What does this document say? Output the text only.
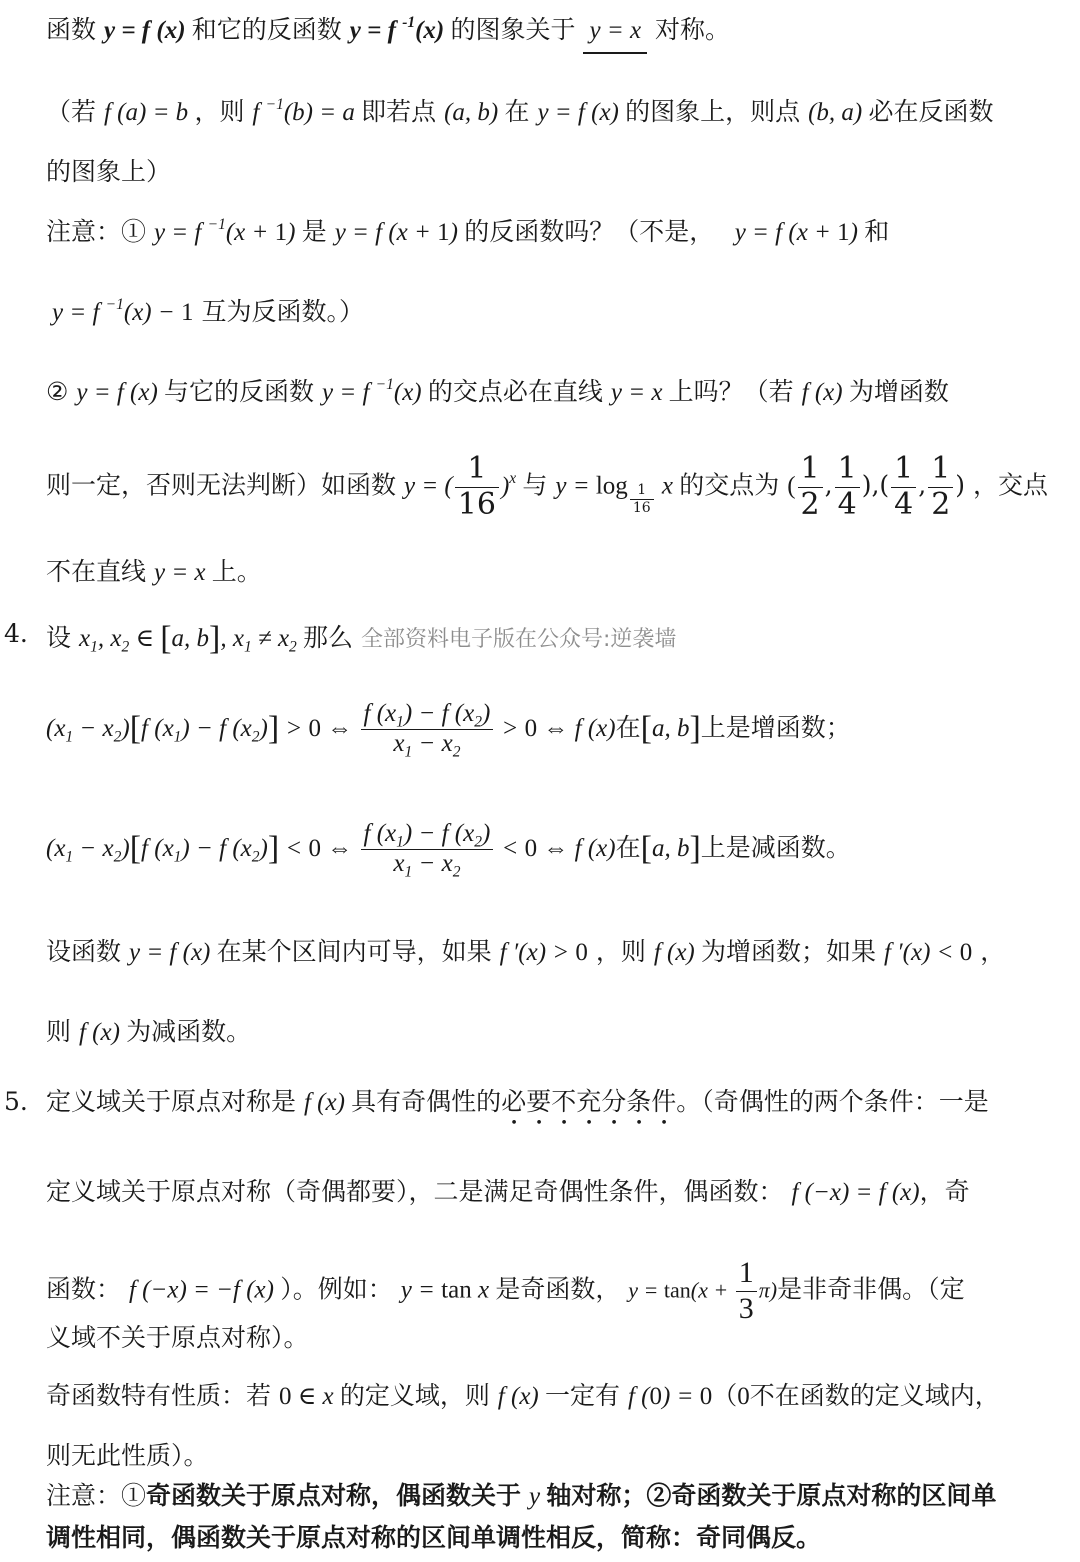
函数 y = f (x) 和它的反函数 y = f $^{-1}$(x) 的图象关于 y = x 对称。
（若 f (a) = b ，则 f $^{-1}$(b) = a 即若点 (a, b) 在 y = f (x) 的图象上，则点 (b, a) 必在反函数
的图象上）
注意：① y = f $^{-1}$(x + 1) 是 y = f (x + 1) 的反函数吗？（不是，   y = f (x + 1) 和
y = f $^{-1}$(x) − 1 互为反函数。）
② y = f (x) 与它的反函数 y = f $^{-1}$(x) 的交点必在直线 y = x 上吗？（若 f (x) 为增函数
则一定，否则无法判断）如函数 y = ( $\frac{1}{16} )^x$ 与 $y = \log \frac{1}{16}$ x 的交点为 ( $\frac{1}{2}$ , $\frac{1}{4}$ ),( $\frac{1}{4}$ , $\frac{1}{2}$ ) ，交点
不在直线 y = x 上。
4. 设 $x_1$, $x_2$ ∈ [a, b], $x_1 \ne x_2$ 那么 全部资料电子版在公众号:逆袭墙
$(x_1 - x_2)[f$ $(x_1) - f$ $(x_2)] > 0$ ⇔ $\frac{f (x_1) - f (x_2)}{x_1 - x_2} > 0$ ⇔ f (x)在[a, b]上是增函数；
$(x_1 - x_2)[f$ $(x_1) - f$ $(x_2)] < 0$ ⇔ $\frac{f (x_1) - f (x_2)}{x_1 - x_2} < 0$ ⇔ f (x)在[a, b]上是减函数。
设函数 y = f (x) 在某个区间内可导，如果 f ′(x) > 0 ，则 f (x) 为增函数；如果 f ′(x) < 0 ，
则 f (x) 为减函数。
5. 定义域关于原点对称是 f (x) 具有奇偶性的必要不充分条件。（奇偶性的两个条件：一是
定义域关于原点对称（奇偶都要），二是满足奇偶性条件，偶函数： f (−x) = f (x)，奇
函数： f (−x) = −f (x) ）。例如： y = tan x 是奇函数， $y = \tan(x + \frac{1}{3} \pi)$是非奇非偶。（定
义域不关于原点对称）。
奇函数特有性质：若 0 ∈ x 的定义域，则 f (x) 一定有 f (0) = 0（0不在函数的定义域内，
则无此性质）。
注意：①奇函数关于原点对称，偶函数关于 y 轴对称；②奇函数关于原点对称的区间单
调性相同，偶函数关于原点对称的区间单调性相反，简称：奇同偶反。
